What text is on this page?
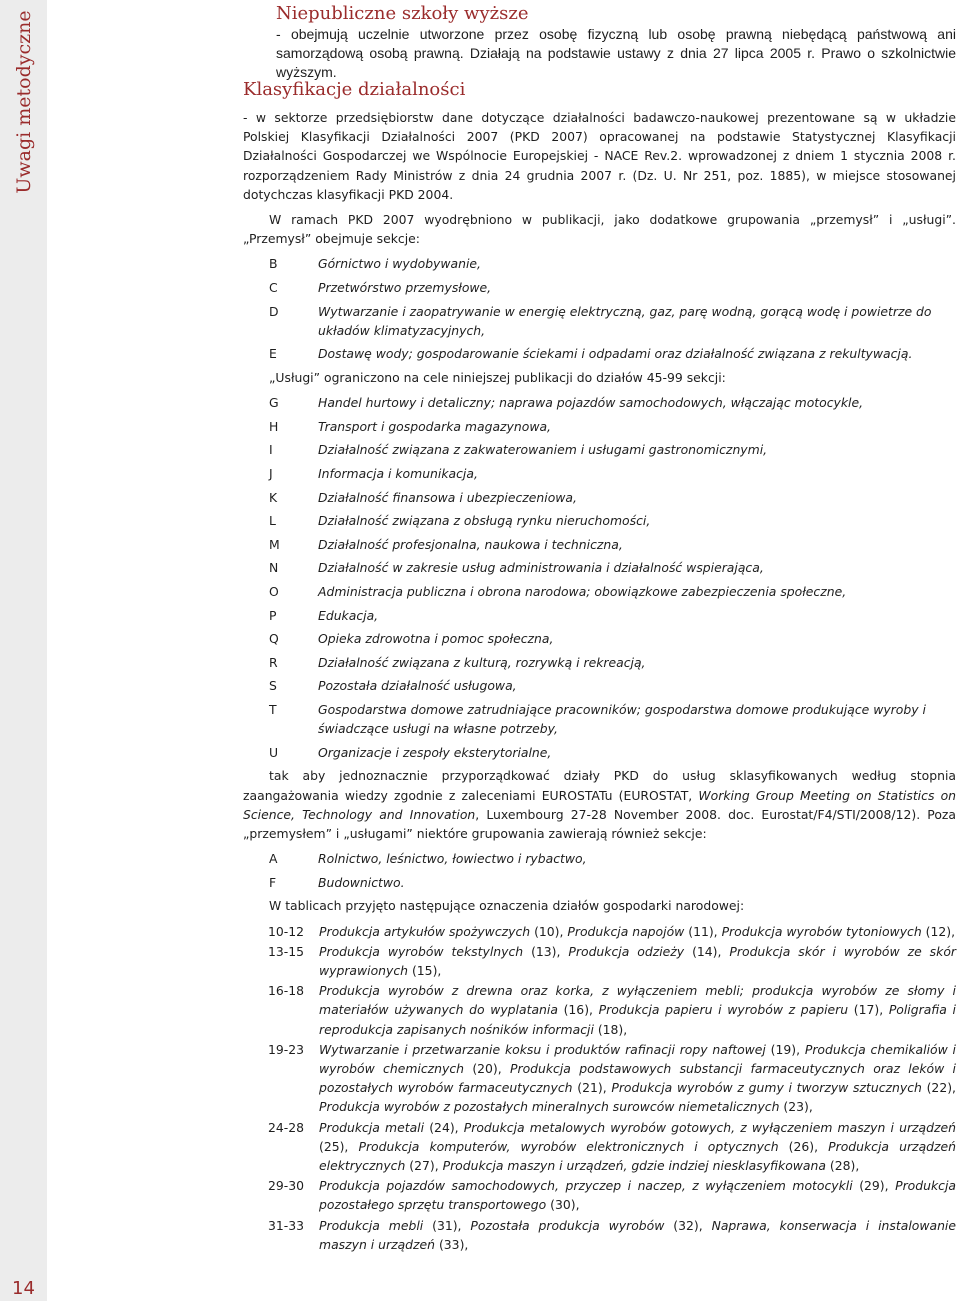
Uwagi metodyczne
14
Niepubliczne szkoły wyższe
- obejmują uczelnie utworzone przez osobę fizyczną lub osobę prawną niebędącą państwową ani samorządową osobą prawną. Działają na podstawie ustawy z dnia 27 lipca 2005 r. Prawo o szkolnictwie wyższym.
Klasyfikacje działalności

- w sektorze przedsiębiorstw dane dotyczące działalności badawczo-naukowej prezentowane są w układzie Polskiej Klasyfikacji Działalności 2007 (PKD 2007) opracowanej na podstawie Statystycznej Klasyfikacji Działalności Gospodarczej we Wspólnocie Europejskiej - NACE Rev.2. wprowadzonej z dniem 1 stycznia 2008 r. rozporządzeniem Rady Ministrów z dnia 24 grudnia 2007 r. (Dz. U. Nr 251, poz. 1885), w miejsce stosowanej dotychczas klasyfikacji PKD 2004.

W ramach PKD 2007 wyodrębniono w publikacji, jako dodatkowe grupowania „przemysł” i „usługi”. „Przemysł” obejmuje sekcje:

B	Górnictwo i wydobywanie,
C	Przetwórstwo przemysłowe,
D	Wytwarzanie i zaopatrywanie w energię elektryczną, gaz, parę wodną, gorącą wodę i powietrze do układów klimatyzacyjnych,
E	Dostawę wody; gospodarowanie ściekami i odpadami oraz działalność związana z rekultywacją.

„Usługi” ograniczono na cele niniejszej publikacji do działów 45-99 sekcji:

G	Handel hurtowy i detaliczny; naprawa pojazdów samochodowych, włączając motocykle,
H	Transport i gospodarka magazynowa,
I	Działalność związana z zakwaterowaniem i usługami gastronomicznymi,
J	Informacja i komunikacja,
K	Działalność finansowa i ubezpieczeniowa,
L	Działalność związana z obsługą rynku nieruchomości,
M	Działalność profesjonalna, naukowa i techniczna,
N	Działalność w zakresie usług administrowania i działalność wspierająca,
O	Administracja publiczna i obrona narodowa; obowiązkowe zabezpieczenia społeczne,
P	Edukacja,
Q	Opieka zdrowotna i pomoc społeczna,
R	Działalność związana z kulturą, rozrywką i rekreacją,
S	Pozostała działalność usługowa,
T	Gospodarstwa domowe zatrudniające pracowników; gospodarstwa domowe produkujące wyroby i świadczące usługi na własne potrzeby,
U	Organizacje i zespoły eksterytorialne,

tak aby jednoznacznie przyporządkować działy PKD do usług sklasyfikowanych według stopnia zaangażowania wiedzy zgodnie z zaleceniami EUROSTATu (EUROSTAT, Working Group Meeting on Statistics on Science, Technology and Innovation, Luxembourg 27-28 November 2008. doc. Eurostat/F4/STI/2008/12). Poza „przemysłem” i „usługami” niektóre grupowania zawierają również sekcje:

A	Rolnictwo, leśnictwo, łowiectwo i rybactwo,
F	Budownictwo.

W tablicach przyjęto następujące oznaczenia działów gospodarki narodowej:

10-12	Produkcja artykułów spożywczych (10), Produkcja napojów (11), Produkcja wyrobów tytoniowych (12),
13-15	Produkcja wyrobów tekstylnych (13), Produkcja odzieży (14), Produkcja skór i wyrobów ze skór wyprawionych (15),
16-18	Produkcja wyrobów z drewna oraz korka, z wyłączeniem mebli; produkcja wyrobów ze słomy i materiałów używanych do wyplatania (16), Produkcja papieru i wyrobów z papieru (17), Poligrafia i reprodukcja zapisanych nośników informacji (18),
19-23	Wytwarzanie i przetwarzanie koksu i produktów rafinacji ropy naftowej (19), Produkcja chemikaliów i wyrobów chemicznych (20), Produkcja podstawowych substancji farmaceutycznych oraz leków i pozostałych wyrobów farmaceutycznych (21), Produkcja wyrobów z gumy i tworzyw sztucznych (22), Produkcja wyrobów z pozostałych mineralnych surowców niemetalicznych (23),
24-28	Produkcja metali (24), Produkcja metalowych wyrobów gotowych, z wyłączeniem maszyn i urządzeń (25), Produkcja komputerów, wyrobów elektronicznych i optycznych (26), Produkcja urządzeń elektrycznych (27), Produkcja maszyn i urządzeń, gdzie indziej niesklasyfikowana (28),
29-30	Produkcja pojazdów samochodowych, przyczep i naczep, z wyłączeniem motocykli (29), Produkcja pozostałego sprzętu transportowego (30),
31-33	Produkcja mebli (31), Pozostała produkcja wyrobów (32), Naprawa, konserwacja i instalowanie maszyn i urządzeń (33),
